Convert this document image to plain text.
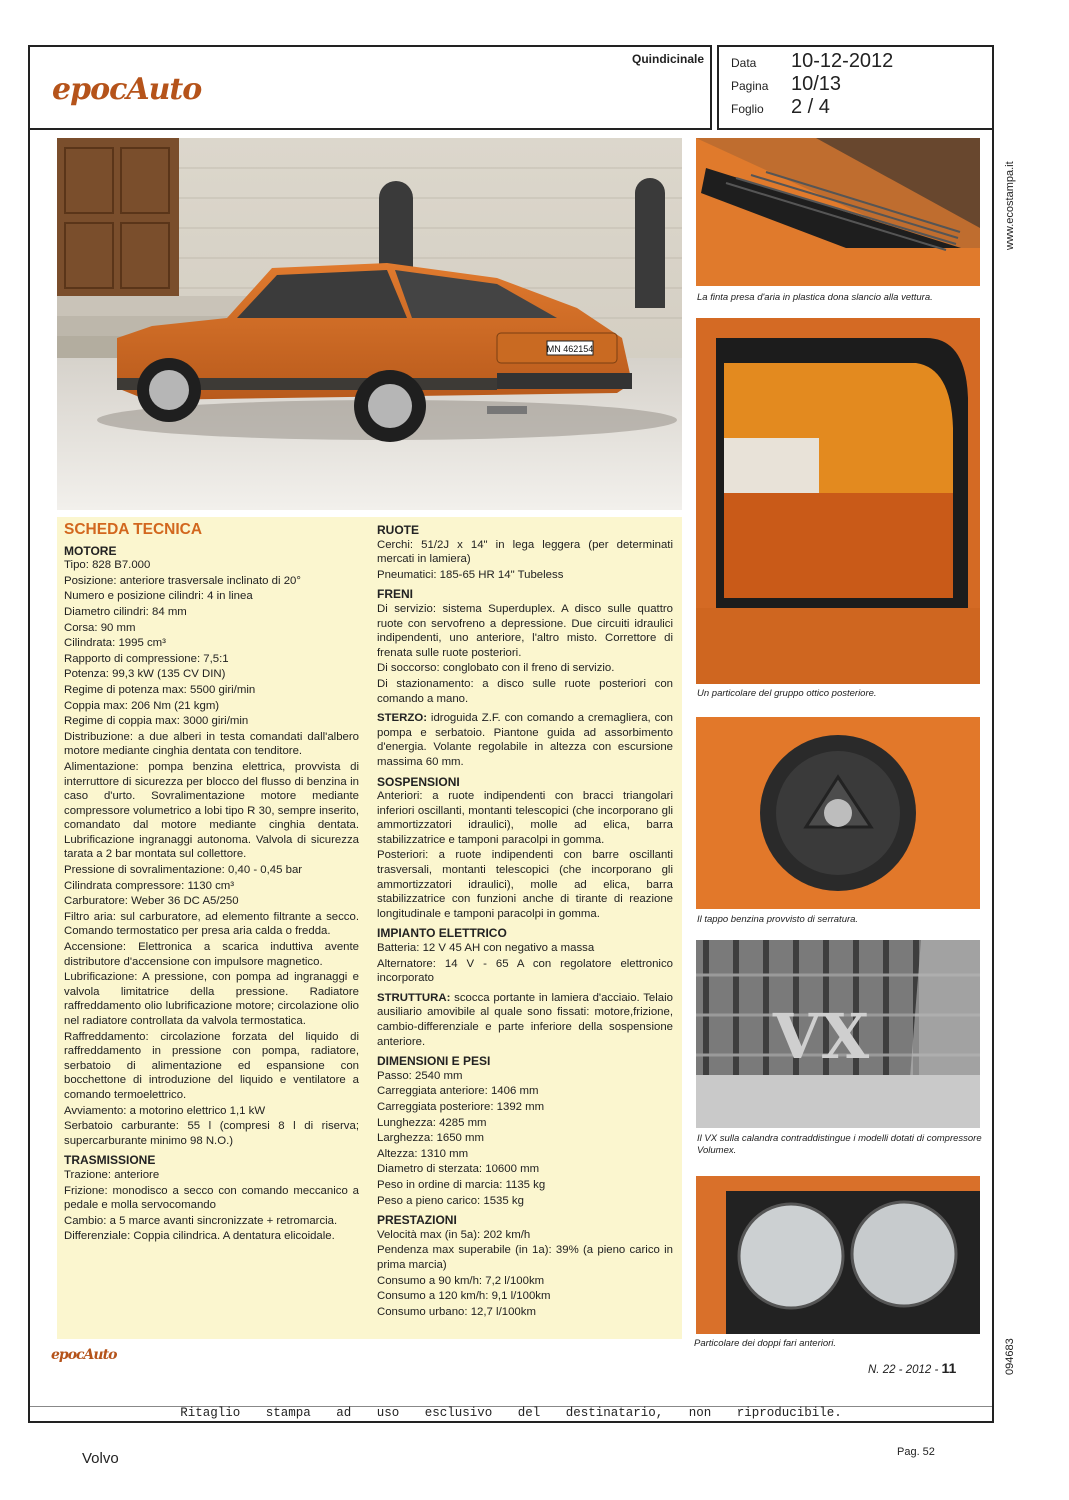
Quindicinale
epocAuto
Data 10-12-2012
Pagina 10/13
Foglio 2 / 4
www.ecostampa.it
094683
MN 462154
La finta presa d'aria in plastica dona slancio alla vettura.
Un particolare del gruppo ottico posteriore.
Il tappo benzina provvisto di serratura.
VX
Il VX sulla calandra contraddistingue i modelli dotati di compressore Volumex.
Particolare dei doppi fari anteriori.
SCHEDA TECNICA
MOTORE

Tipo: 828 B7.000

Posizione: anteriore trasversale inclinato di 20°

Numero e posizione cilindri: 4 in linea

Diametro cilindri: 84 mm

Corsa: 90 mm

Cilindrata: 1995 cm³

Rapporto di compressione: 7,5:1

Potenza: 99,3 kW (135 CV DIN)

Regime di potenza max: 5500 giri/min

Coppia max: 206 Nm (21 kgm)

Regime di coppia max: 3000 giri/min

Distribuzione: a due alberi in testa comandati dall'albero motore mediante cinghia dentata con tenditore.

Alimentazione: pompa benzina elettrica, provvista di interruttore di sicurezza per blocco del flusso di benzina in caso d'urto. Sovralimentazione motore mediante compressore volumetrico a lobi tipo R 30, sempre inserito, comandato dal motore mediante cinghia dentata. Lubrificazione ingranaggi autonoma. Valvola di sicurezza tarata a 2 bar montata sul collettore.

Pressione di sovralimentazione: 0,40 - 0,45 bar

Cilindrata compressore: 1130 cm³

Carburatore: Weber 36 DC A5/250

Filtro aria: sul carburatore, ad elemento filtrante a secco. Comando termostatico per presa aria calda o fredda.

Accensione: Elettronica a scarica induttiva avente distributore d'accensione con impulsore magnetico.

Lubrificazione: A pressione, con pompa ad ingranaggi e valvola limitatrice della pressione. Radiatore raffreddamento olio lubrificazione motore; circolazione olio nel radiatore controllata da valvola termostatica.

Raffreddamento: circolazione forzata del liquido di raffreddamento in pressione con pompa, radiatore, serbatoio di alimentazione ed espansione con bocchettone di introduzione del liquido e ventilatore a comando termoelettrico.

Avviamento: a motorino elettrico 1,1 kW

Serbatoio carburante: 55 l (compresi 8 l di riserva; supercarburante minimo 98 N.O.)

TRASMISSIONE

Trazione: anteriore

Frizione: monodisco a secco con comando meccanico a pedale e molla servocomando

Cambio: a 5 marce avanti sincronizzate + retromarcia.

Differenziale: Coppia cilindrica. A dentatura elicoidale.

RUOTE

Cerchi: 51/2J x 14" in lega leggera (per determinati mercati in lamiera)

Pneumatici: 185-65 HR 14" Tubeless

FRENI

Di servizio: sistema Superduplex. A disco sulle quattro ruote con servofreno a depressione. Due circuiti idraulici indipendenti, uno anteriore, l'altro misto. Correttore di frenata sulle ruote posteriori.

Di soccorso: conglobato con il freno di servizio.

Di stazionamento: a disco sulle ruote posteriori con comando a mano.

STERZO: idroguida Z.F. con comando a cremagliera, con pompa e serbatoio. Piantone guida ad assorbimento d'energia. Volante regolabile in altezza con escursione massima 60 mm.

SOSPENSIONI

Anteriori: a ruote indipendenti con bracci triangolari inferiori oscillanti, montanti telescopici (che incorporano gli ammortizzatori idraulici), molle ad elica, barra stabilizzatrice e tamponi paracolpi in gomma.

Posteriori: a ruote indipendenti con barre oscillanti trasversali, montanti telescopici (che incorporano gli ammortizzatori idraulici), molle ad elica, barra stabilizzatrice con funzioni anche di tirante di reazione longitudinale e tamponi paracolpi in gomma.

IMPIANTO ELETTRICO

Batteria: 12 V 45 AH con negativo a massa

Alternatore: 14 V - 65 A con regolatore elettronico incorporato

STRUTTURA: scocca portante in lamiera d'acciaio. Telaio ausiliario amovibile al quale sono fissati: motore,frizione, cambio-differenziale e parte inferiore della sospensione anteriore.

DIMENSIONI E PESI

Passo: 2540 mm

Carreggiata anteriore: 1406 mm

Carreggiata posteriore: 1392 mm

Lunghezza: 4285 mm

Larghezza: 1650 mm

Altezza: 1310 mm

Diametro di sterzata: 10600 mm

Peso in ordine di marcia: 1135 kg

Peso a pieno carico: 1535 kg

PRESTAZIONI

Velocità max (in 5a): 202 km/h

Pendenza max superabile (in 1a): 39% (a pieno carico in prima marcia)

Consumo a 90 km/h: 7,2 l/100km

Consumo a 120 km/h: 9,1 l/100km

Consumo urbano: 12,7 l/100km

epocAuto
N. 22 - 2012 - 11
Ritaglio stampa ad uso esclusivo del destinatario, non riproducibile.
Volvo	Pag. 52
